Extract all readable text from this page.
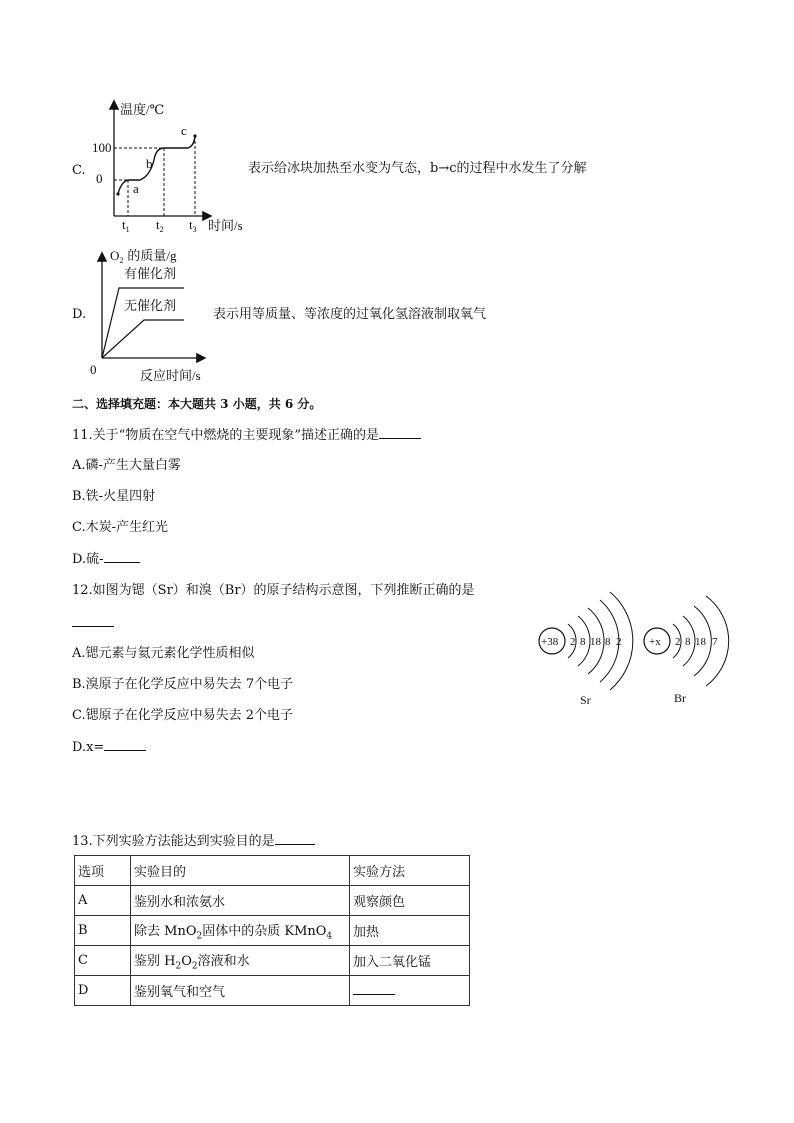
C.
温度/℃
100
0
a
b
c
$t_1$ $t_2$ $t_3$ 时间/s
表示给冰块加热至水变为气态，b→c的过程中水发生了分解
D.
$O_2$ 的质量/g
有催化剂
无催化剂
0	反应时间/s
表示用等质量、等浓度的过氧化氢溶液制取氧气
二、选择填充题：本大题共 3 小题，共 6 分。
11.关于“物质在空气中燃烧的主要现象”描述正确的是
A.磷-产生大量白雾
B.铁-火星四射
C.木炭-产生红光
D.硫-
12.如图为锶（Sr）和溴（Br）的原子结构示意图，下列推断正确的是
A.锶元素与氦元素化学性质相似
B.溴原子在化学反应中易失去 7个电子
C.锶原子在化学反应中易失去 2个电子
D.x=
+38 2 8 18 8 2
Sr
+x 2 8 18 7
Br
13.下列实验方法能达到实验目的是
选项	实验目的	实验方法
A	鉴别水和浓氨水	观察颜色
B	除去 MnO$_2$固体中的杂质 KMnO$_4$	加热
C	鉴别 $H_2O_2$溶液和水	加入二氧化锰
D	鉴别氧气和空气	
